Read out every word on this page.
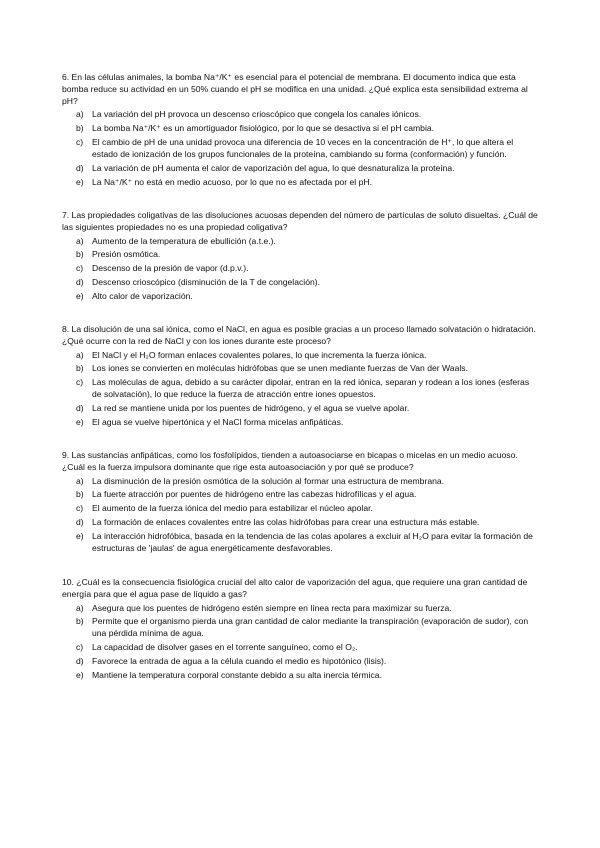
6. En las células animales, la bomba Na⁺/K⁺ es esencial para el potencial de membrana. El documento indica que esta bomba reduce su actividad en un 50% cuando el pH se modifica en una unidad. ¿Qué explica esta sensibilidad extrema al pH?

a) La variación del pH provoca un descenso crioscópico que congela los canales iónicos.
b) La bomba Na⁺/K⁺ es un amortiguador fisiológico, por lo que se desactiva si el pH cambia.
c) El cambio de pH de una unidad provoca una diferencia de 10 veces en la concentración de H⁺, lo que altera el estado de ionización de los grupos funcionales de la proteína, cambiando su forma (conformación) y función.
d) La variación de pH aumenta el calor de vaporización del agua, lo que desnaturaliza la proteína.
e) La Na⁺/K⁺ no está en medio acuoso, por lo que no es afectada por el pH.

7. Las propiedades coligativas de las disoluciones acuosas dependen del número de partículas de soluto disueltas. ¿Cuál de las siguientes propiedades no es una propiedad coligativa?

a) Aumento de la temperatura de ebullición (a.t.e.).
b) Presión osmótica.
c) Descenso de la presión de vapor (d.p.v.).
d) Descenso crioscópico (disminución de la T de congelación).
e) Alto calor de vaporización.

8. La disolución de una sal iónica, como el NaCl, en agua es posible gracias a un proceso llamado solvatación o hidratación. ¿Qué ocurre con la red de NaCl y con los iones durante este proceso?

a) El NaCl y el H₂O forman enlaces covalentes polares, lo que incrementa la fuerza iónica.
b) Los iones se convierten en moléculas hidrófobas que se unen mediante fuerzas de Van der Waals.
c) Las moléculas de agua, debido a su carácter dipolar, entran en la red iónica, separan y rodean a los iones (esferas de solvatación), lo que reduce la fuerza de atracción entre iones opuestos.
d) La red se mantiene unida por los puentes de hidrógeno, y el agua se vuelve apolar.
e) El agua se vuelve hipertónica y el NaCl forma micelas anfipáticas.

9. Las sustancias anfipáticas, como los fosfolípidos, tienden a autoasociarse en bicapas o micelas en un medio acuoso. ¿Cuál es la fuerza impulsora dominante que rige esta autoasociación y por qué se produce?

a) La disminución de la presión osmótica de la solución al formar una estructura de membrana.
b) La fuerte atracción por puentes de hidrógeno entre las cabezas hidrofílicas y el agua.
c) El aumento de la fuerza iónica del medio para estabilizar el núcleo apolar.
d) La formación de enlaces covalentes entre las colas hidrófobas para crear una estructura más estable.
e) La interacción hidrofóbica, basada en la tendencia de las colas apolares a excluir al H₂O para evitar la formación de estructuras de 'jaulas' de agua energéticamente desfavorables.

10. ¿Cuál es la consecuencia fisiológica crucial del alto calor de vaporización del agua, que requiere una gran cantidad de energía para que el agua pase de líquido a gas?

a) Asegura que los puentes de hidrógeno estén siempre en línea recta para maximizar su fuerza.
b) Permite que el organismo pierda una gran cantidad de calor mediante la transpiración (evaporación de sudor), con una pérdida mínima de agua.
c) La capacidad de disolver gases en el torrente sanguíneo, como el O₂.
d) Favorece la entrada de agua a la célula cuando el medio es hipotónico (lisis).
e) Mantiene la temperatura corporal constante debido a su alta inercia térmica.
